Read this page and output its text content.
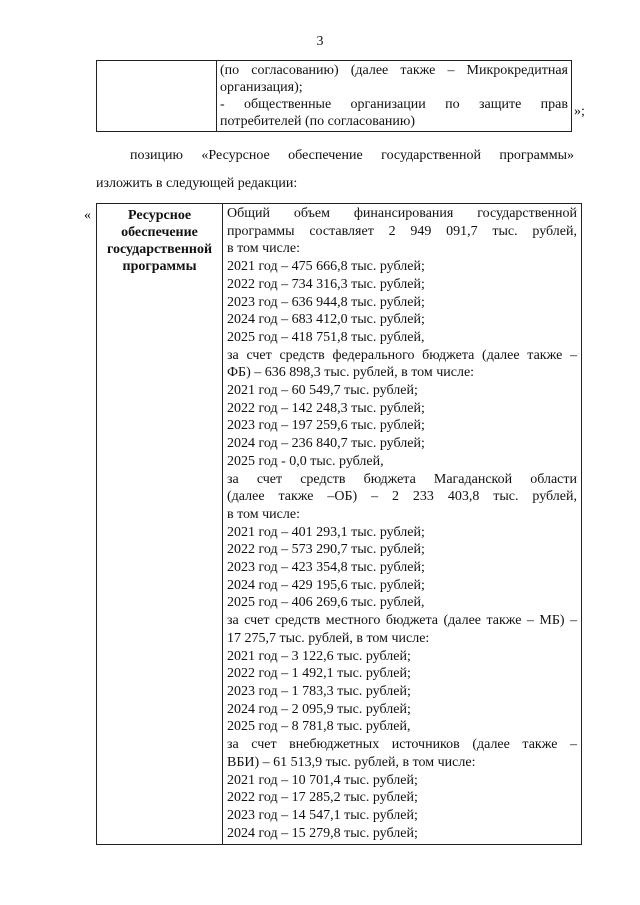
3

(по согласованию) (далее также – Микрокредитная
организация);
- общественные организации по защите прав
потребителей (по согласованию)
»;
позицию «Ресурсное обеспечение государственной программы»
изложить в следующей редакции:
«	Ресурсное
обеспечение
государственной
программы

Общий объем финансирования государственной
программы составляет 2 949 091,7 тыс. рублей,
в том числе:
2021 год – 475 666,8 тыс. рублей;
2022 год – 734 316,3 тыс. рублей;
2023 год – 636 944,8 тыс. рублей;
2024 год – 683 412,0 тыс. рублей;
2025 год – 418 751,8 тыс. рублей,
за счет средств федерального бюджета (далее также –
ФБ) – 636 898,3 тыс. рублей, в том числе:
2021 год – 60 549,7 тыс. рублей;
2022 год – 142 248,3 тыс. рублей;
2023 год – 197 259,6 тыс. рублей;
2024 год – 236 840,7 тыс. рублей;
2025 год - 0,0 тыс. рублей,
за счет средств бюджета Магаданской области
(далее также –ОБ) – 2 233 403,8 тыс. рублей,
в том числе:
2021 год – 401 293,1 тыс. рублей;
2022 год – 573 290,7 тыс. рублей;
2023 год – 423 354,8 тыс. рублей;
2024 год – 429 195,6 тыс. рублей;
2025 год – 406 269,6 тыс. рублей,
за счет средств местного бюджета (далее также – МБ) –
17 275,7 тыс. рублей, в том числе:
2021 год – 3 122,6 тыс. рублей;
2022 год – 1 492,1 тыс. рублей;
2023 год – 1 783,3 тыс. рублей;
2024 год – 2 095,9 тыс. рублей;
2025 год – 8 781,8 тыс. рублей,
за счет внебюджетных источников (далее также –
ВБИ) – 61 513,9 тыс. рублей, в том числе:
2021 год – 10 701,4 тыс. рублей;
2022 год – 17 285,2 тыс. рублей;
2023 год – 14 547,1 тыс. рублей;
2024 год – 15 279,8 тыс. рублей;
